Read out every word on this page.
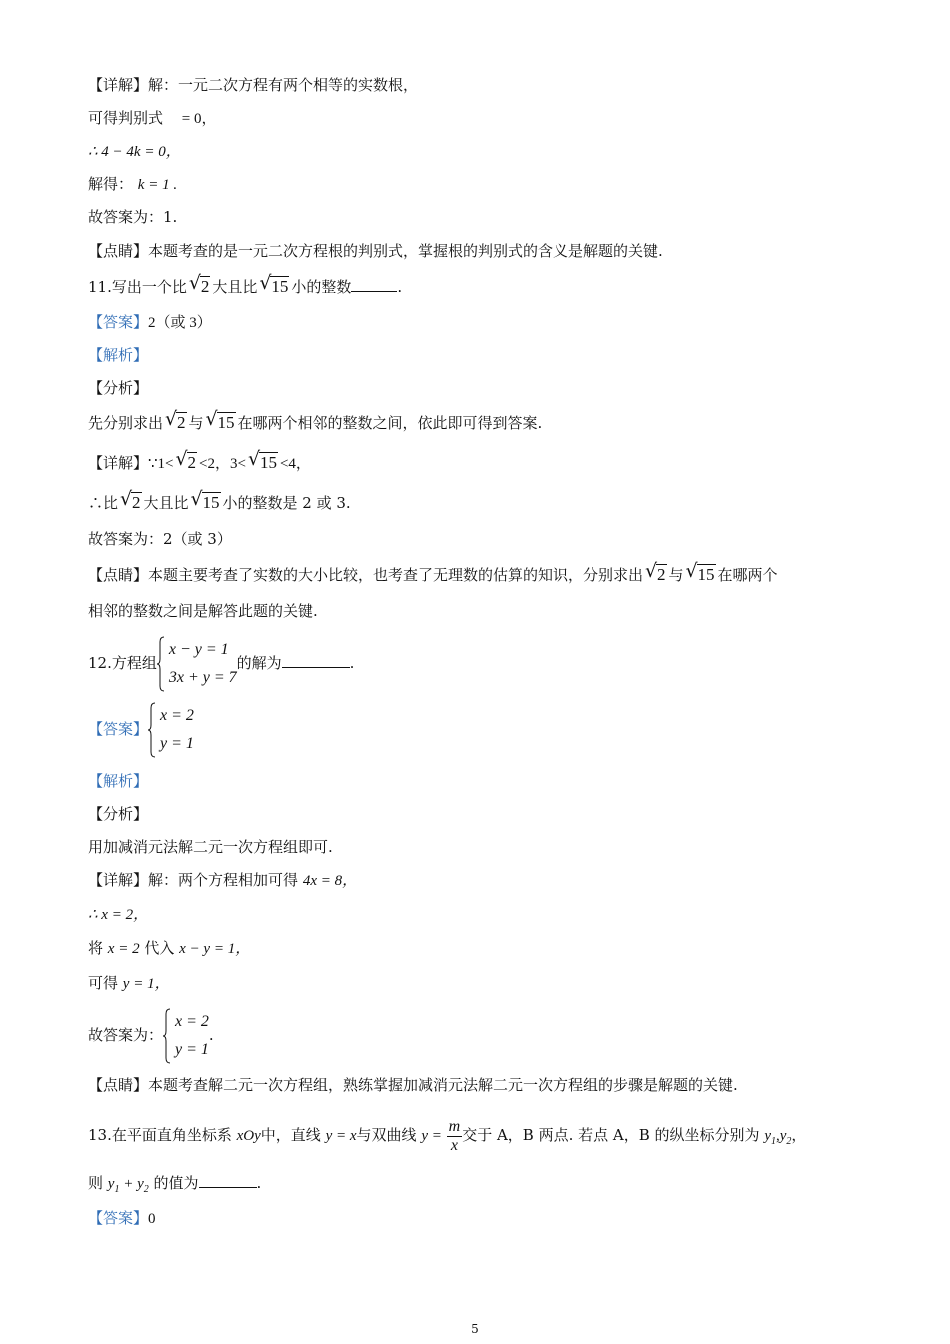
【详解】解：一元二次方程有两个相等的实数根，
可得判别式 = 0，
∴ 4 − 4k = 0，
解得： k = 1 .
故答案为：1.
【点睛】本题考查的是一元二次方程根的判别式，掌握根的判别式的含义是解题的关键.
11.写出一个比 √ 2 大且比 √ 15 小的整数	.
【答案】2（或 3）
【解析】
【分析】
先分别求出 √ 2 与 √ 15 在哪两个相邻的整数之间，依此即可得到答案.
【详解】∵1< √ 2 <2，3< √ 15 <4，
∴比 √ 2 大且比 √ 15 小的整数是 2 或 3.
故答案为：2（或 3）
【点睛】本题主要考查了实数的大小比较，也考查了无理数的估算的知识，分别求出 √ 2 与 √ 15 在哪两个
相邻的整数之间是解答此题的关键.
12.方程组
x − y = 1
3x + y = 7
的解为	.
【答案】
x = 2
y = 1
【解析】
【分析】
用加减消元法解二元一次方程组即可.
【详解】解：两个方程相加可得 4x = 8，
∴ x = 2，
将 x = 2 代入 x − y = 1，
可得 y = 1，
故答案为：
x = 2
y = 1
.
【点睛】本题考查解二元一次方程组，熟练掌握加减消元法解二元一次方程组的步骤是解题的关键.
13.在平面直角坐标系 xOy中，直线 y = x与双曲线 $y = \frac{m}{x}$ 交于 A，B 两点. 若点 A，B 的纵坐标分别为 $y_1,y_2$，
则 $y_1 + y_2$ 的值为	.
【答案】0
5
